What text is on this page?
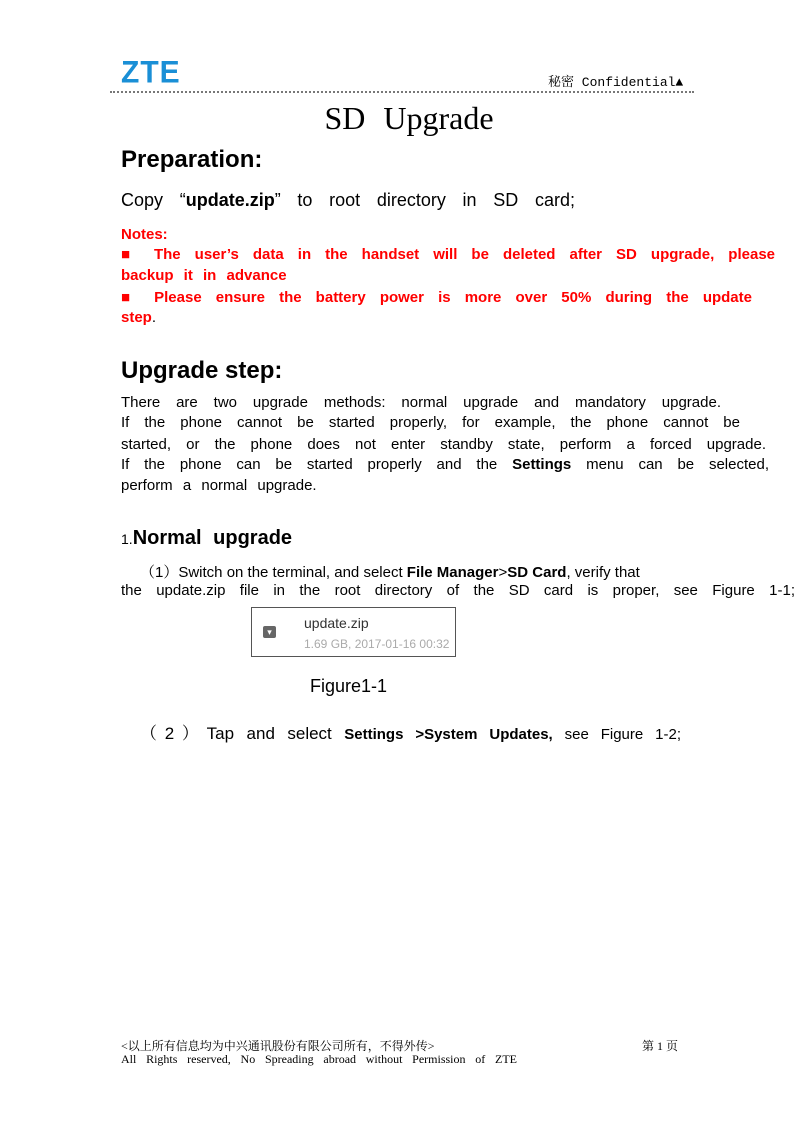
ZTE	秘密 Confidential▲
SD Upgrade
Preparation:
Copy “update.zip” to root directory in SD card;
Notes:
■ The user’s data in the handset will be deleted after SD upgrade, please
backup it in advance
■ Please ensure the battery power is more over 50% during the update
step.
Upgrade step:
There are two upgrade methods: normal upgrade and mandatory upgrade.
If the phone cannot be started properly, for example, the phone cannot be
started, or the phone does not enter standby state, perform a forced upgrade.
If the phone can be started properly and the Settings menu can be selected,
perform a normal upgrade.
1.Normal upgrade
（1）Switch on the terminal, and select File Manager>SD Card, verify that
the update.zip file in the root directory of the SD card is proper, see Figure 1-1;
▾
update.zip
1.69 GB, 2017-01-16 00:32
Figure1-1
（2）Tap and select Settings >System Updates, see Figure 1-2;
<以上所有信息均为中兴通讯股份有限公司所有，不得外传>	第 1 页
All Rights reserved, No Spreading abroad without Permission of ZTE
